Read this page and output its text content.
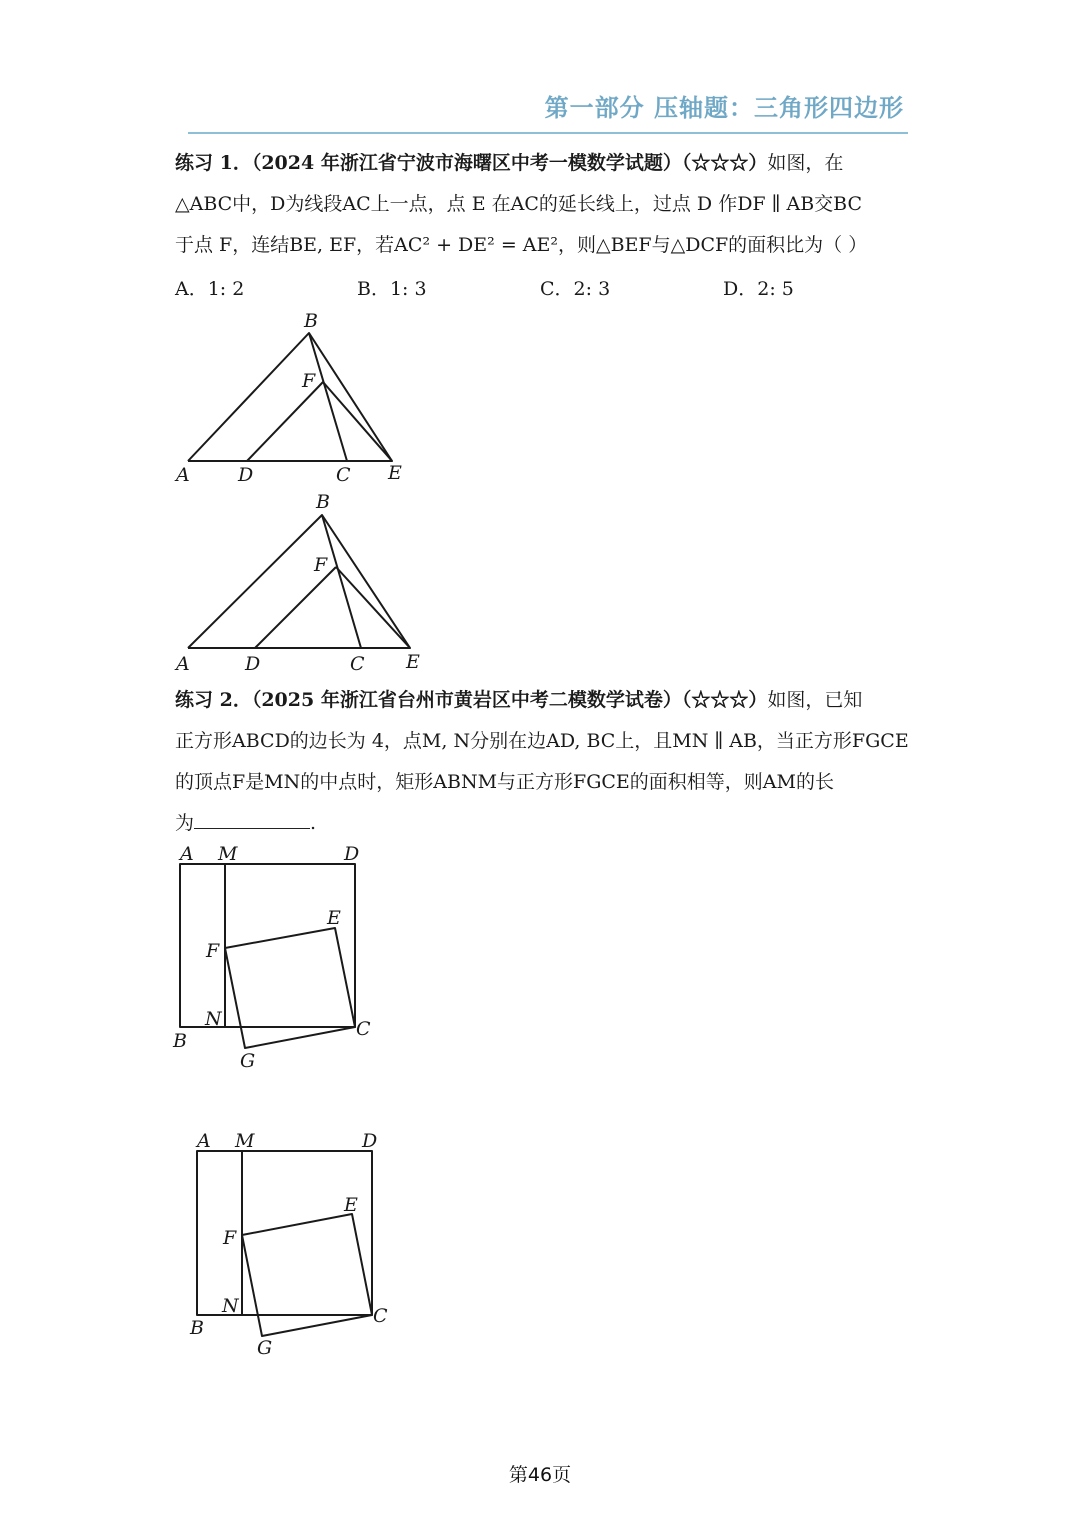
第一部分 压轴题：三角形四边形
练习 1．（2024 年浙江省宁波市海曙区中考一模数学试题）（☆☆☆）如图，在
△ABC中，D为线段AC上一点，点 E 在AC的延长线上，过点 D 作DF ∥ AB交BC
于点 F，连结BE, EF，若AC² + DE² = AE²，则△BEF与△DCF的面积比为（ ）
A．1: 2	B．1: 3	C．2: 3	D．2: 5
练习 2．（2025 年浙江省台州市黄岩区中考二模数学试卷）（☆☆☆）如图，已知
正方形ABCD的边长为 4，点M, N分别在边AD, BC上，且MN ∥ AB，当正方形FGCE
的顶点F是MN的中点时，矩形ABNM与正方形FGCE的面积相等，则AM的长
为	.
B
F
A	D	C E
B
F
A	D	C E
A M	D
E
F
N
B
C
G
A M	D
E
F
N
B
C
G
第46页
